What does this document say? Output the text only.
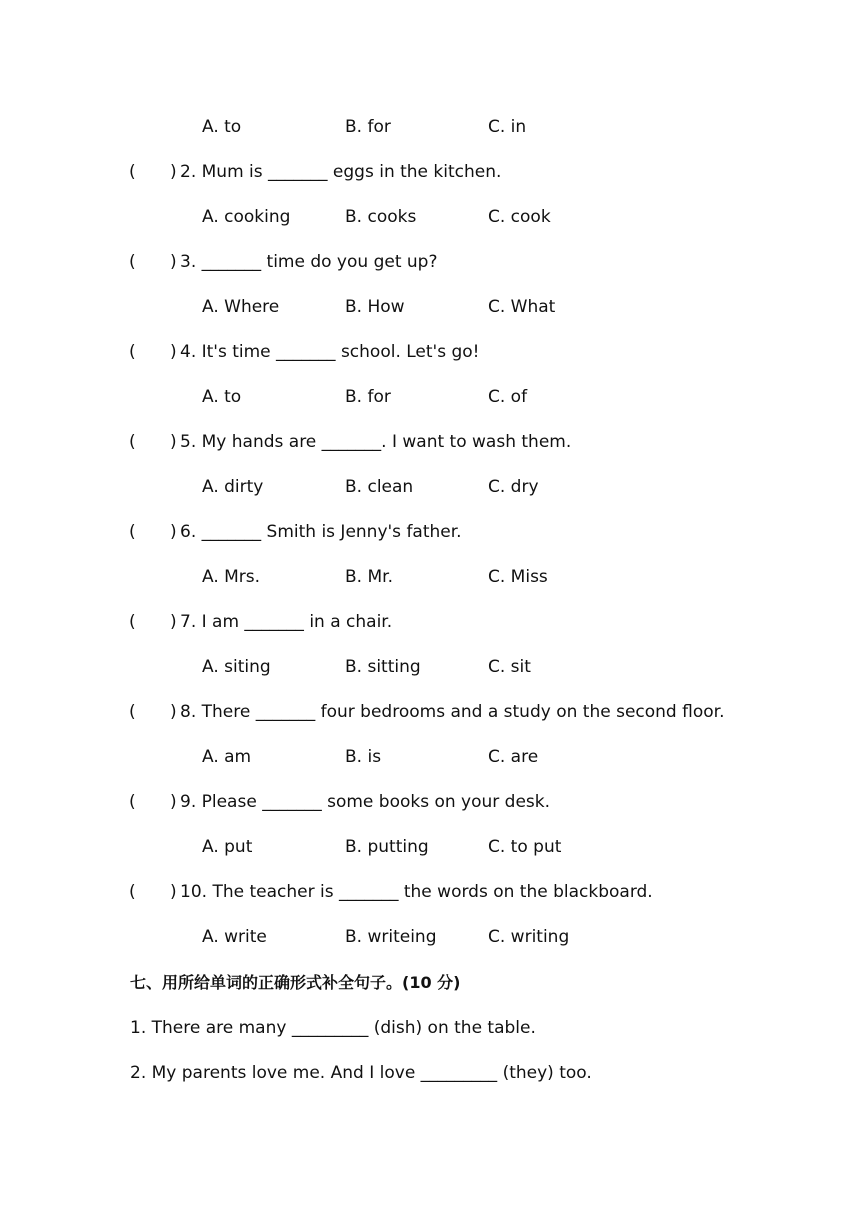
A. to	B. for	C. in
( ) 2. Mum is _______ eggs in the kitchen.
A. cooking	B. cooks	C. cook
( ) 3. _______ time do you get up?
A. Where	B. How	C. What
( ) 4. It's time _______ school. Let's go!
A. to	B. for	C. of
( ) 5. My hands are _______. I want to wash them.
A. dirty	B. clean	C. dry
( ) 6. _______ Smith is Jenny's father.
A. Mrs.	B. Mr.	C. Miss
( ) 7. I am _______ in a chair.
A. siting	B. sitting	C. sit
( ) 8. There _______ four bedrooms and a study on the second floor.
A. am	B. is	C. are
( ) 9. Please _______ some books on your desk.
A. put	B. putting	C. to put
( ) 10. The teacher is _______ the words on the blackboard.
A. write	B. writeing	C. writing
七、用所给单词的正确形式补全句子。(10 分)
1. There are many _________ (dish) on the table.
2. My parents love me. And I love _________ (they) too.
